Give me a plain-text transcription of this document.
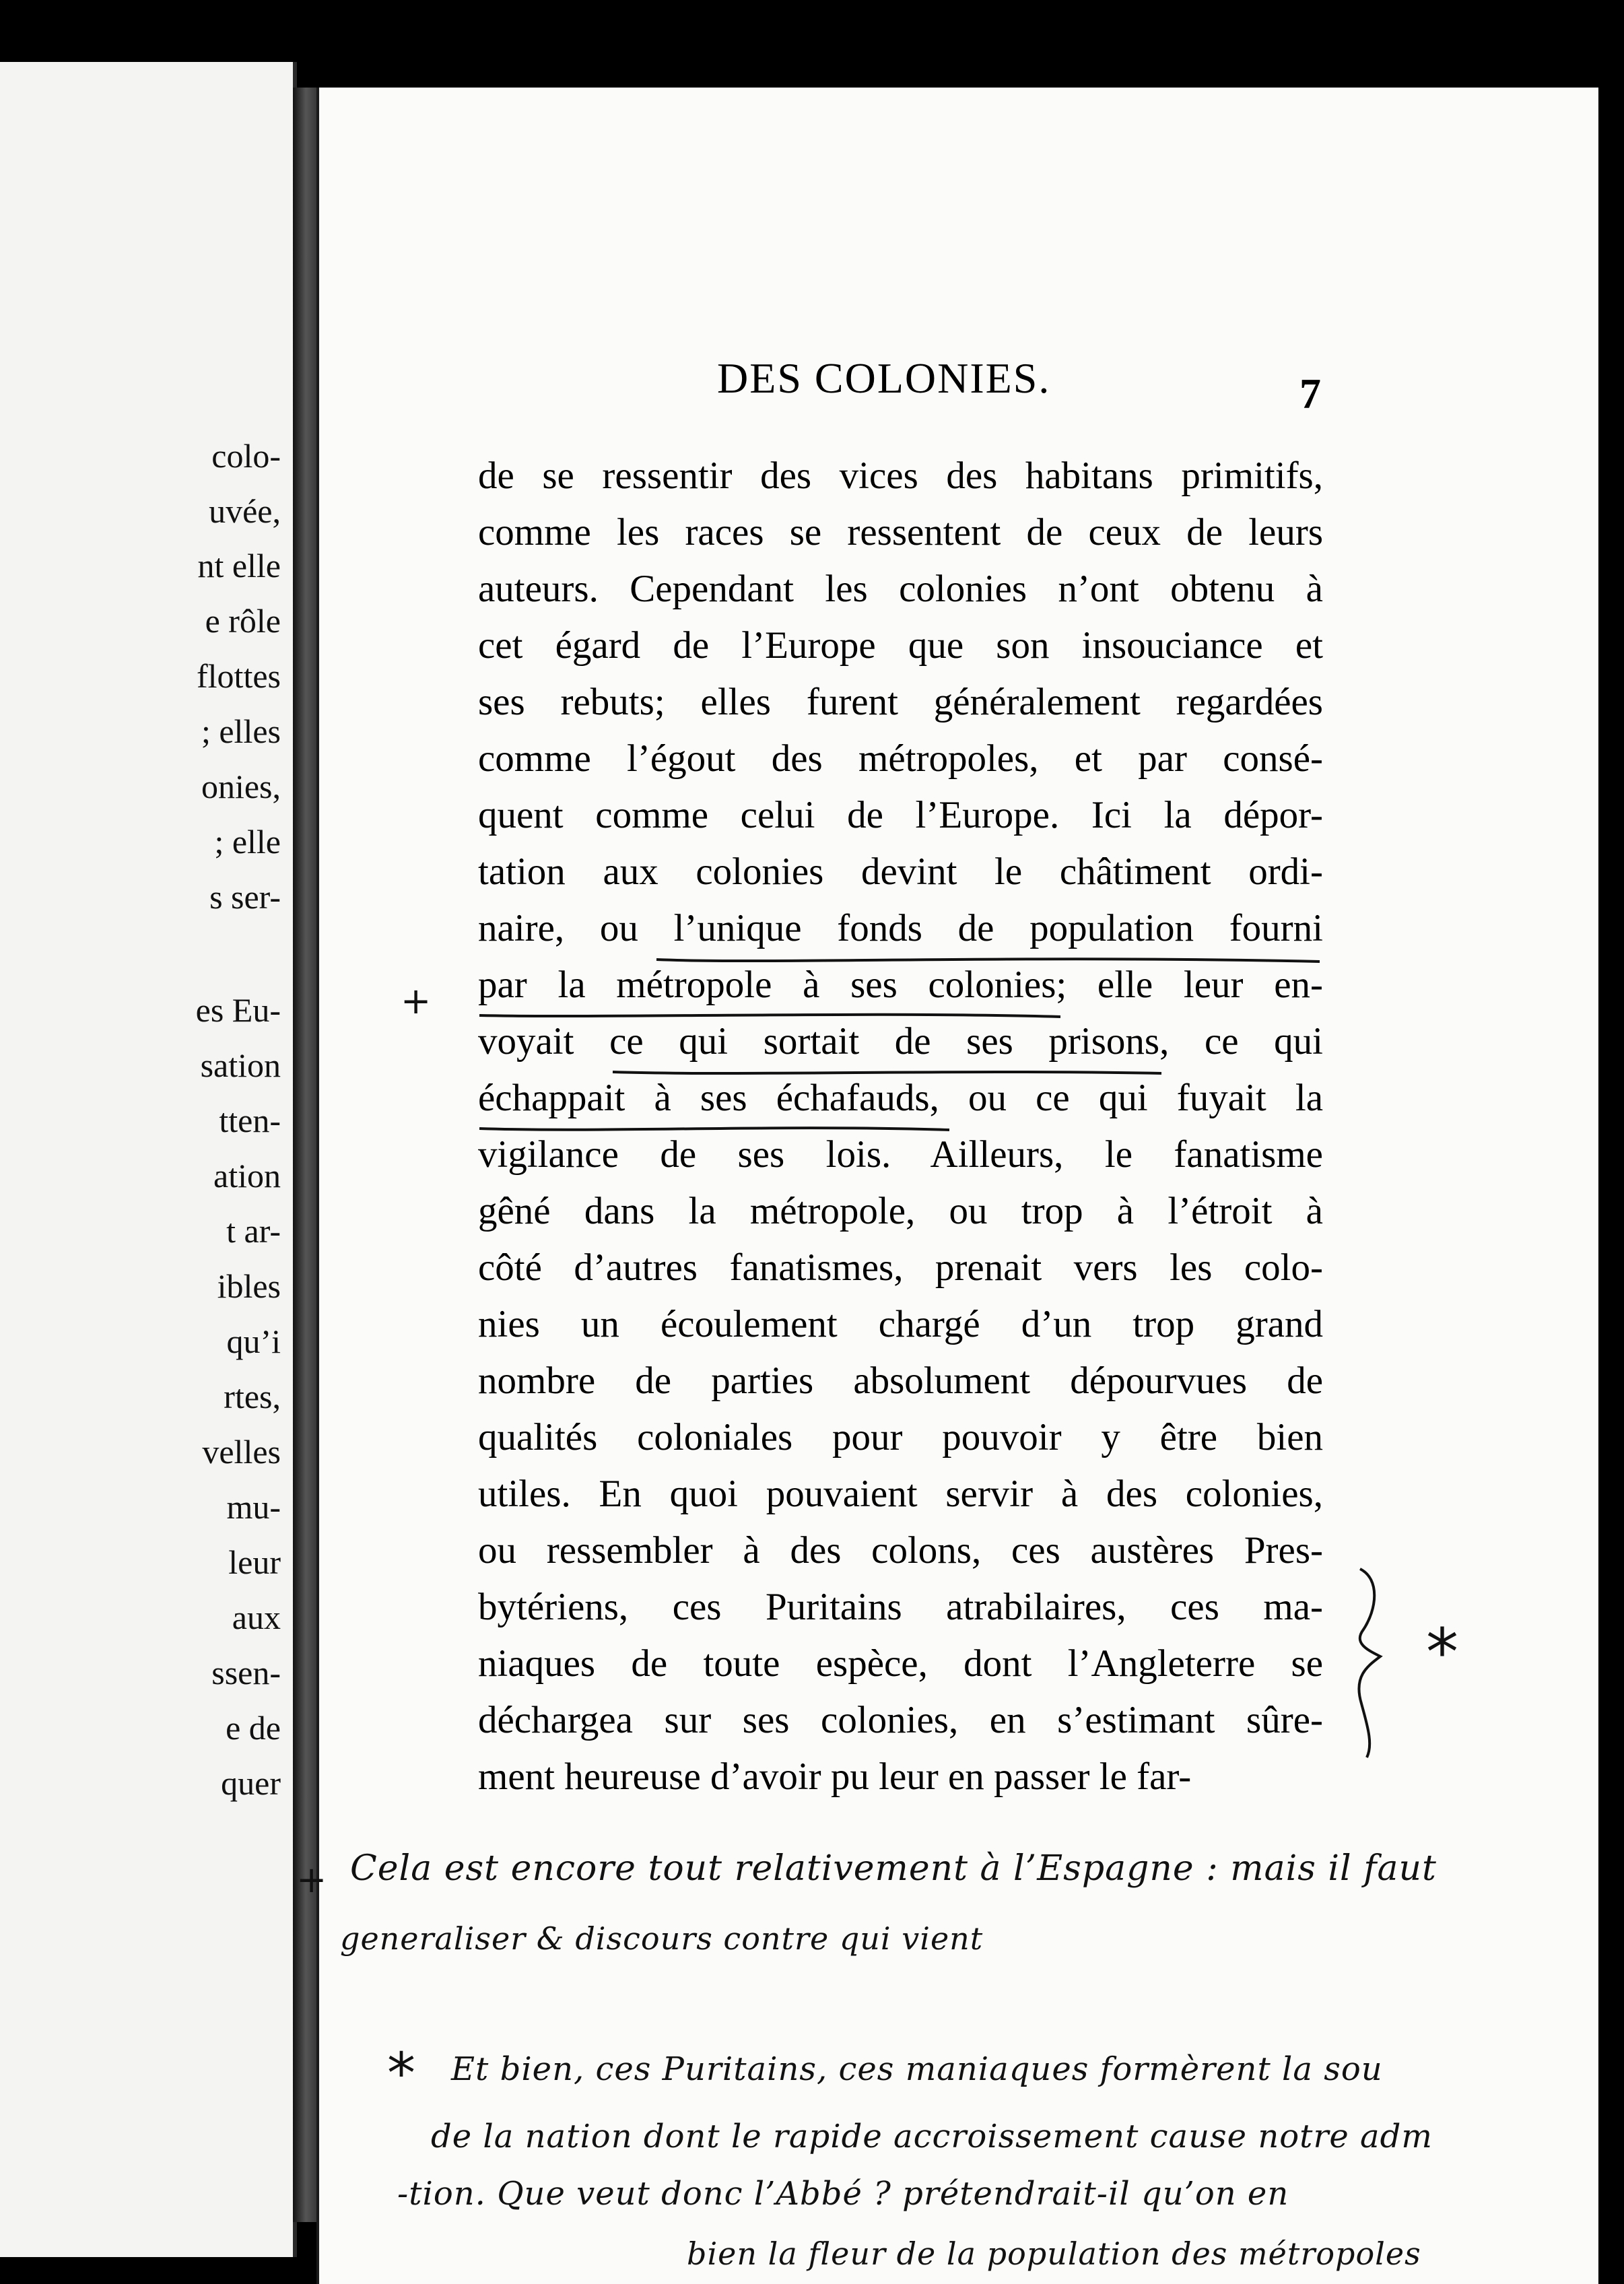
colo-
uvée,
nt elle
e rôle
flottes
; elles
onies,
; elle
s ser-
es Eu-
sation
tten-
ation
t ar-
ibles
qu’i
rtes,
velles
mu-
leur
aux
ssen-
e de
quer
DES COLONIES.	7
de se ressentir des vices des habitans primitifs,
comme les races se ressentent de ceux de leurs
auteurs. Cependant les colonies n’ont obtenu à
cet égard de l’Europe que son insouciance et
ses rebuts; elles furent généralement regardées
comme l’égout des métropoles, et par consé-
quent comme celui de l’Europe. Ici la dépor-
tation aux colonies devint le châtiment ordi-
naire, ou l’unique fonds de population fourni
par la métropole à ses colonies; elle leur en-
voyait ce qui sortait de ses prisons, ce qui
échappait à ses échafauds, ou ce qui fuyait la
vigilance de ses lois. Ailleurs, le fanatisme
gêné dans la métropole, ou trop à l’étroit à
côté d’autres fanatismes, prenait vers les colo-
nies un écoulement chargé d’un trop grand
nombre de parties absolument dépourvues de
qualités coloniales pour pouvoir y être bien
utiles. En quoi pouvaient servir à des colonies,
ou ressembler à des colons, ces austères Pres-
bytériens, ces Puritains atrabilaires, ces ma-
niaques de toute espèce, dont l’Angleterre se
déchargea sur ses colonies, en s’estimant sûre-
ment heureuse d’avoir pu leur en passer le far-
+
*
+ Cela est encore tout relativement à l’Espagne : mais il faut
generaliser & discours contre qui vient
* Et bien, ces Puritains, ces maniaques formèrent la sou
de la nation dont le rapide accroissement cause notre adm
-tion. Que veut donc l’Abbé ? prétendrait-il qu’on en
bien la fleur de la population des métropoles
